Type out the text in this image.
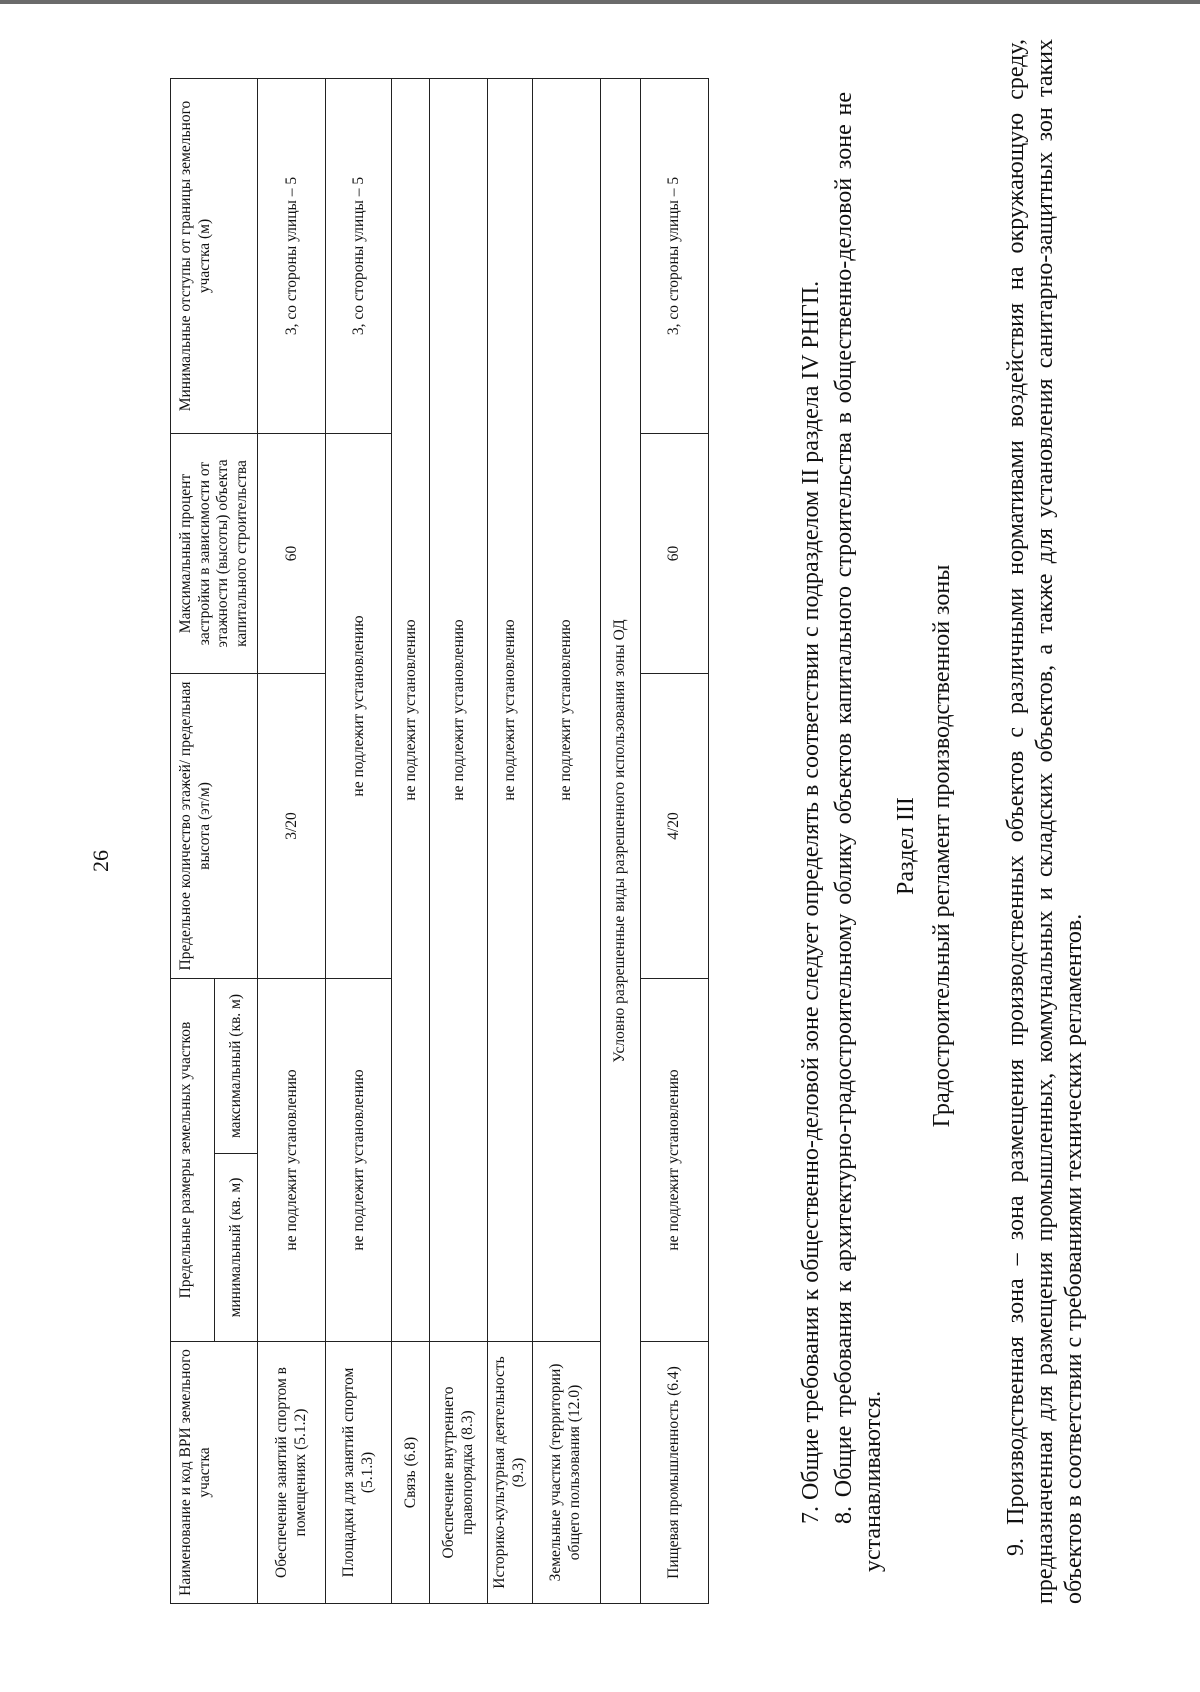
26
Наименование и код ВРИ земельного участка	Предельные размеры земельных участков		Предельное количество этажей/ предельная высота (эт/м)	Максимальный процент застройки в зависимости от этажности (высоты) объекта капитального строительства	Минимальные отступы от границы земельного участка (м)
	минимальный (кв. м)	максимальный (кв. м)			
Обеспечение занятий спортом в помещениях (5.1.2)	не подлежит установлению		3/20	60	3, со стороны улицы – 5
Площадки для занятий спортом (5.1.3)	не подлежит установлению		не подлежит установлению		3, со стороны улицы – 5
Связь (6.8)	не подлежит установлению				
Обеспечение внутреннего правопорядка (8.3)	не подлежит установлению				
Историко-культурная деятельность (9.3)	не подлежит установлению				
Земельные участки (территории) общего пользования (12.0)	не подлежит установлению				
Условно разрешенные виды разрешенного использования зоны ОД					
Пищевая промышленность (6.4)	не подлежит установлению		4/20	60	3, со стороны улицы – 5

7. Общие требования к общественно-деловой зоне следует определять в соответствии с подразделом II раздела IV РНГП. 8. Общие требования к архитектурно-градостроительному облику объектов капитального строительства в общественно-деловой зоне не устанавливаются.

Раздел III Градостроительный регламент производственной зоны 9. Производственная зона – зона размещения производственных объектов с различными нормативами воздействия на окружающую среду, предназначенная для размещения промышленных, коммунальных и складских объектов, а также для установления санитарно-защитных зон таких объектов в соответствии с требованиями технических регламентов.
